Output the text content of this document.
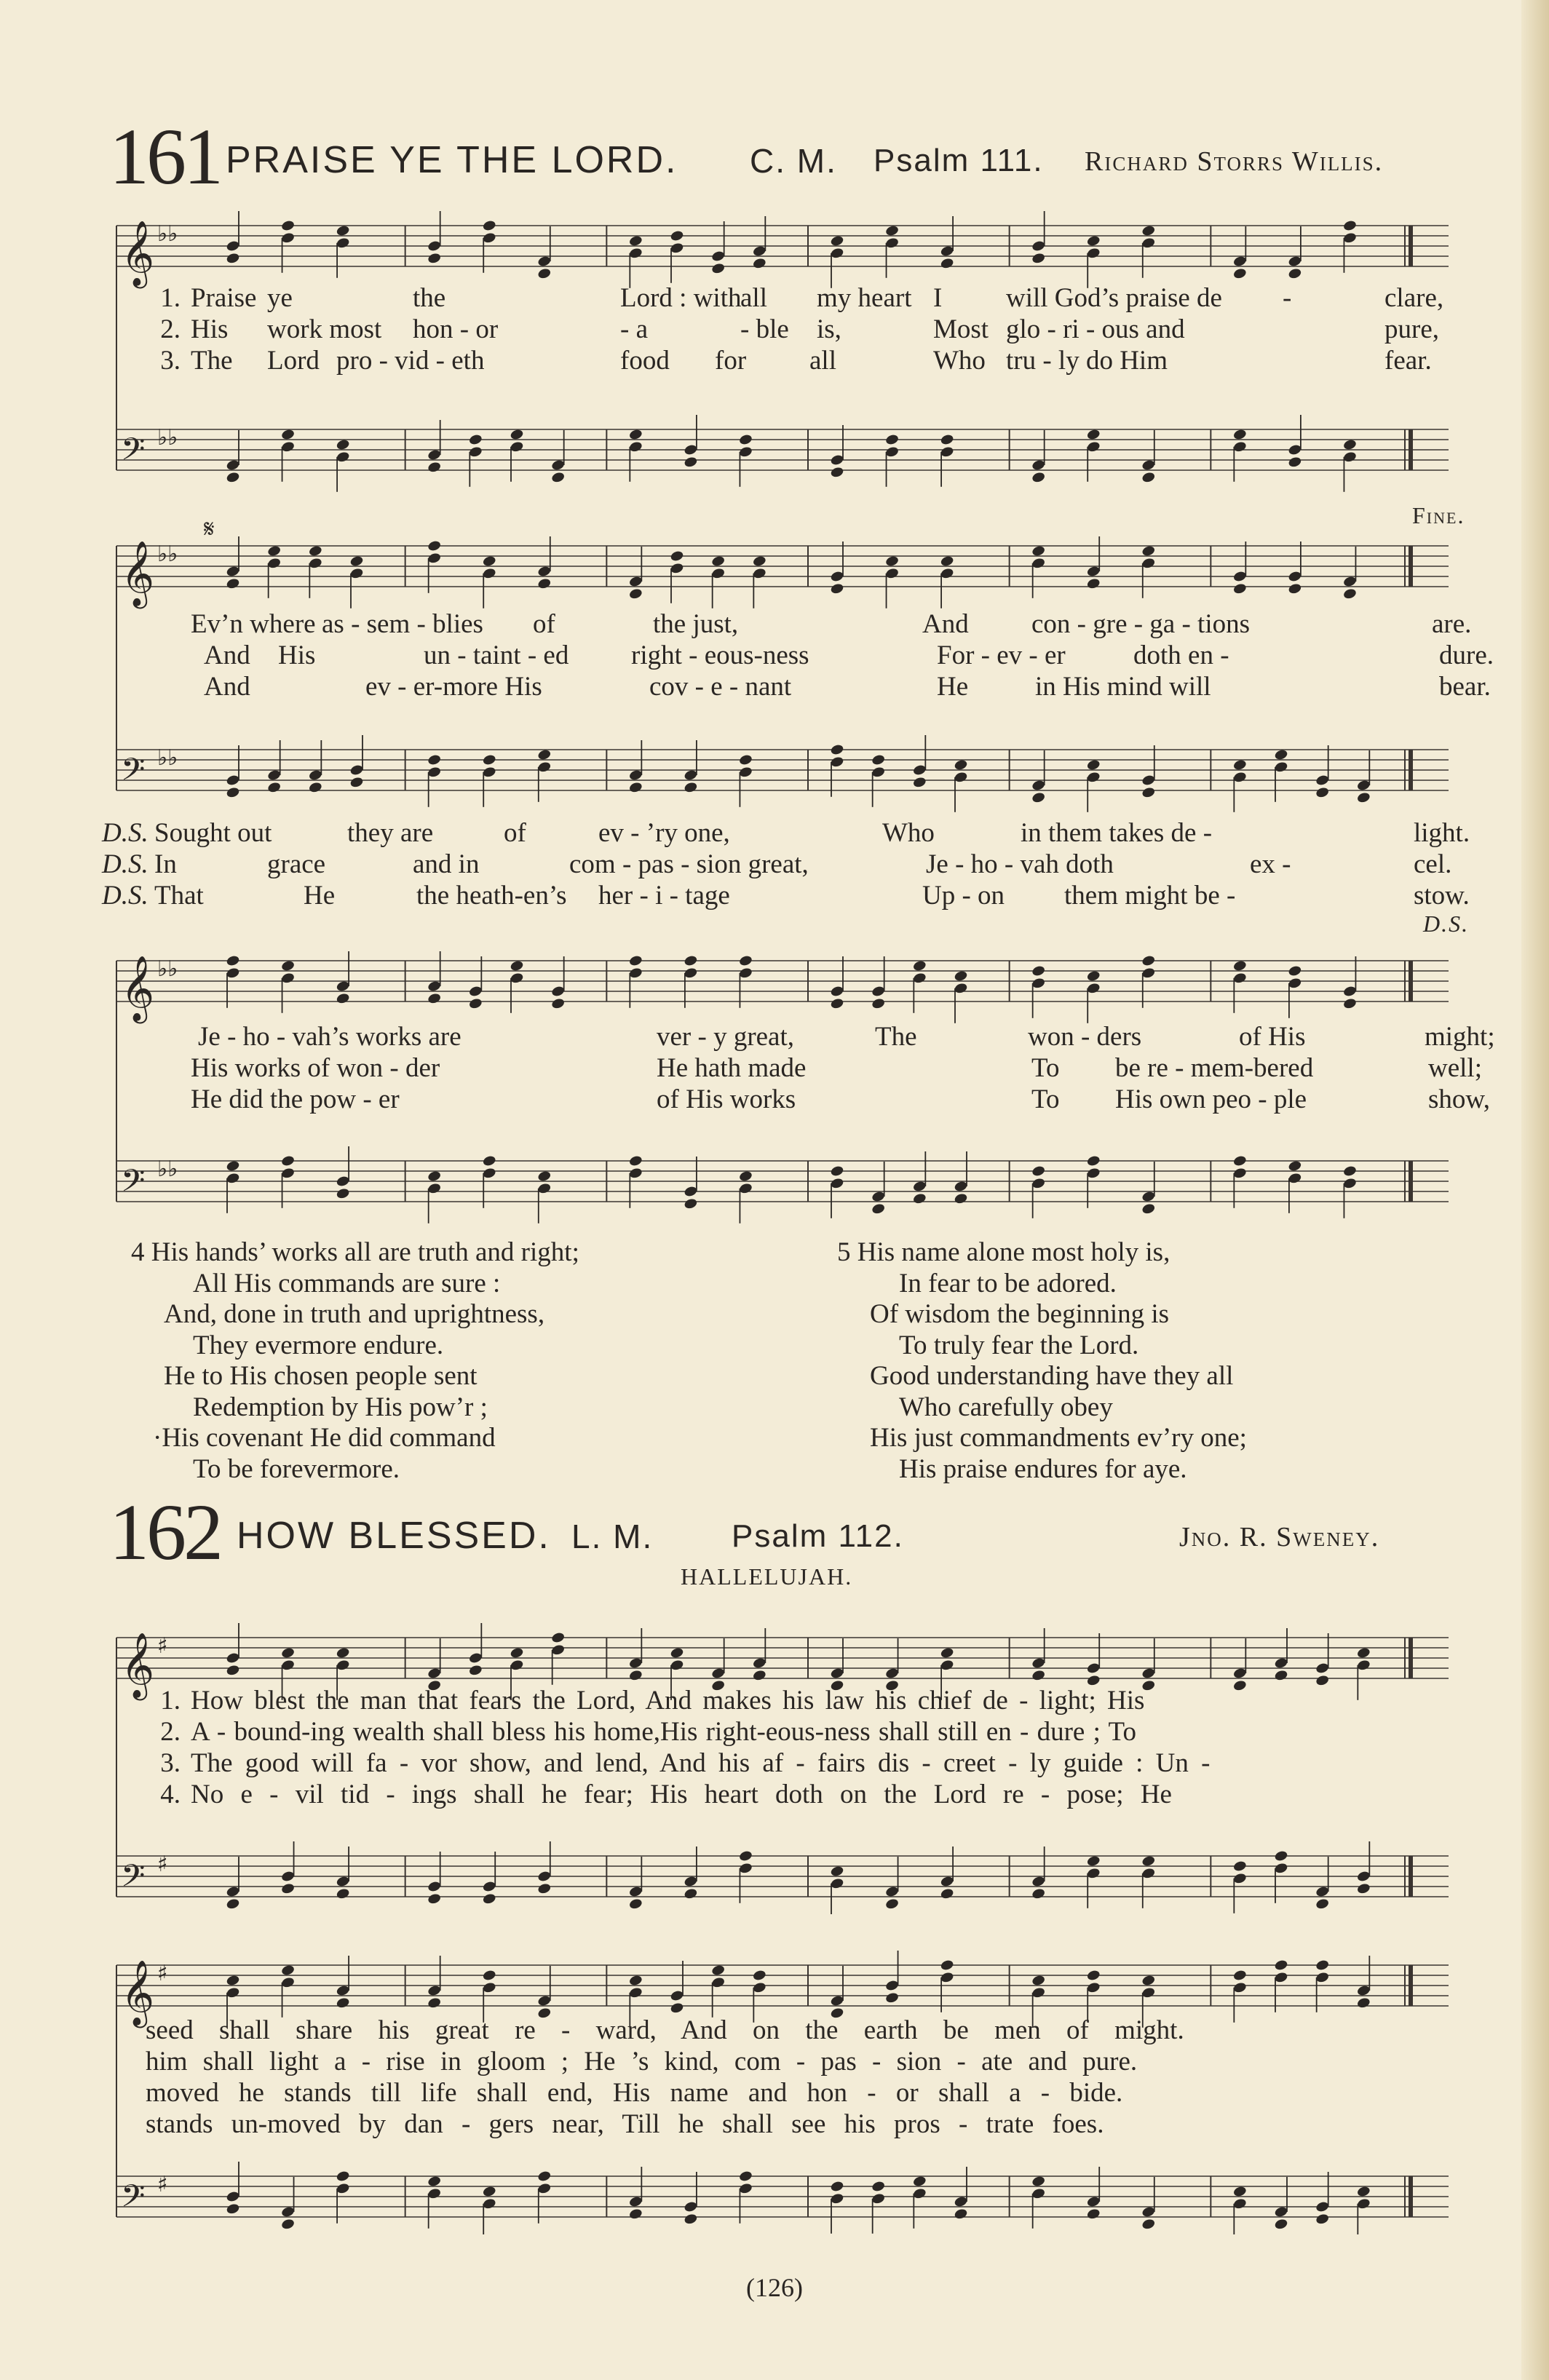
161 PRAISE YE THE LORD. C. M. Psalm 111. Richard Storrs Willis.
𝄞 ♭♭
𝄢 ♭♭
1. Praise ye	the	Lord : with
all my heart I will God’s praise de -	clare,
2. His work most hon - or	- a	- ble is,	Most glo - ri - ous and	pure,
3. The Lord pro - vid - eth	food for all	Who tru - ly do Him	fear.
𝄞 ♭♭
𝄢 ♭♭
𝄋	Fine.
Ev’n where as - sem - blies of	the just,	And con - gre - ga - tions	are.
And His	un - taint - ed right - eous-ness	For - ev - er	doth en -	dure.
And	ev - er-more His	cov - e - nant	He in His mind will	bear.
D.S. Sought out	they are	of	ev - ’ry one,	Who	in them takes de -	light.
D.S. In	grace	and in	com - pas - sion great,	Je - ho - vah doth	ex -	cel.
D.S. That	He	the heath-en’s her - i - tage	Up - on them might be -	stow.
D.S.
𝄞 ♭♭
𝄢 ♭♭
Je - ho - vah’s works are	ver - y great,	The	won - ders	of His	might;
His works of won - der	He hath made	To be re - mem-bered	well;
He did the pow - er	of His works	To His own peo - ple	show,
4 His hands’ works all are truth and right;
All His commands are sure :
And, done in truth and uprightness,
They evermore endure.
He to His chosen people sent
Redemption by His pow’r ;
·His covenant He did command
To be forevermore.
5 His name alone most holy is,
In fear to be adored.
Of wisdom the beginning is
To truly fear the Lord.
Good understanding have they all
Who carefully obey
His just commandments ev’ry one;
His praise endures for aye.
162 HOW BLESSED. L. M. Psalm 112.	Jno. R. Sweney.
HALLELUJAH.
𝄞 ♯
𝄢 ♯
1. How blest the man that fears the Lord, And makes his law his chief de - light; His
2. A - bound-ing wealth shall bless his home,His right-eous-ness shall still en - dure ; To
3. The good will fa - vor show, and lend, And his af - fairs dis - creet - ly guide : Un -
4. No e - vil tid - ings shall he fear; His heart doth on the Lord re - pose; He
𝄞 ♯
𝄢 ♯
seed shall share his great re - ward, And on the earth be men of might.
him shall light a - rise in gloom ; He ’s kind, com - pas - sion - ate and pure.
moved he stands till life shall end, His name and hon - or shall a - bide.
stands un-moved by dan - gers near, Till he shall see his pros - trate foes.
(126)
